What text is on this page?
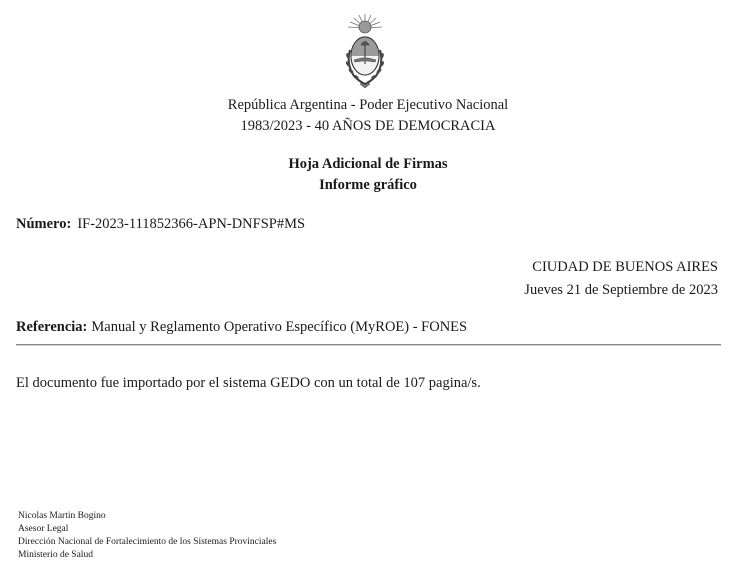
República Argentina - Poder Ejecutivo Nacional
1983/2023 - 40 AÑOS DE DEMOCRACIA
Hoja Adicional de Firmas
Informe gráfico
Número: IF-2023-111852366-APN-DNFSP#MS
CIUDAD DE BUENOS AIRES
Jueves 21 de Septiembre de 2023
Referencia: Manual y Reglamento Operativo Específico (MyROE) - FONES
El documento fue importado por el sistema GEDO con un total de 107 pagina/s.
Nicolas Martin Bogino
Asesor Legal
Dirección Nacional de Fortalecimiento de los Sistemas Provinciales
Ministerio de Salud
